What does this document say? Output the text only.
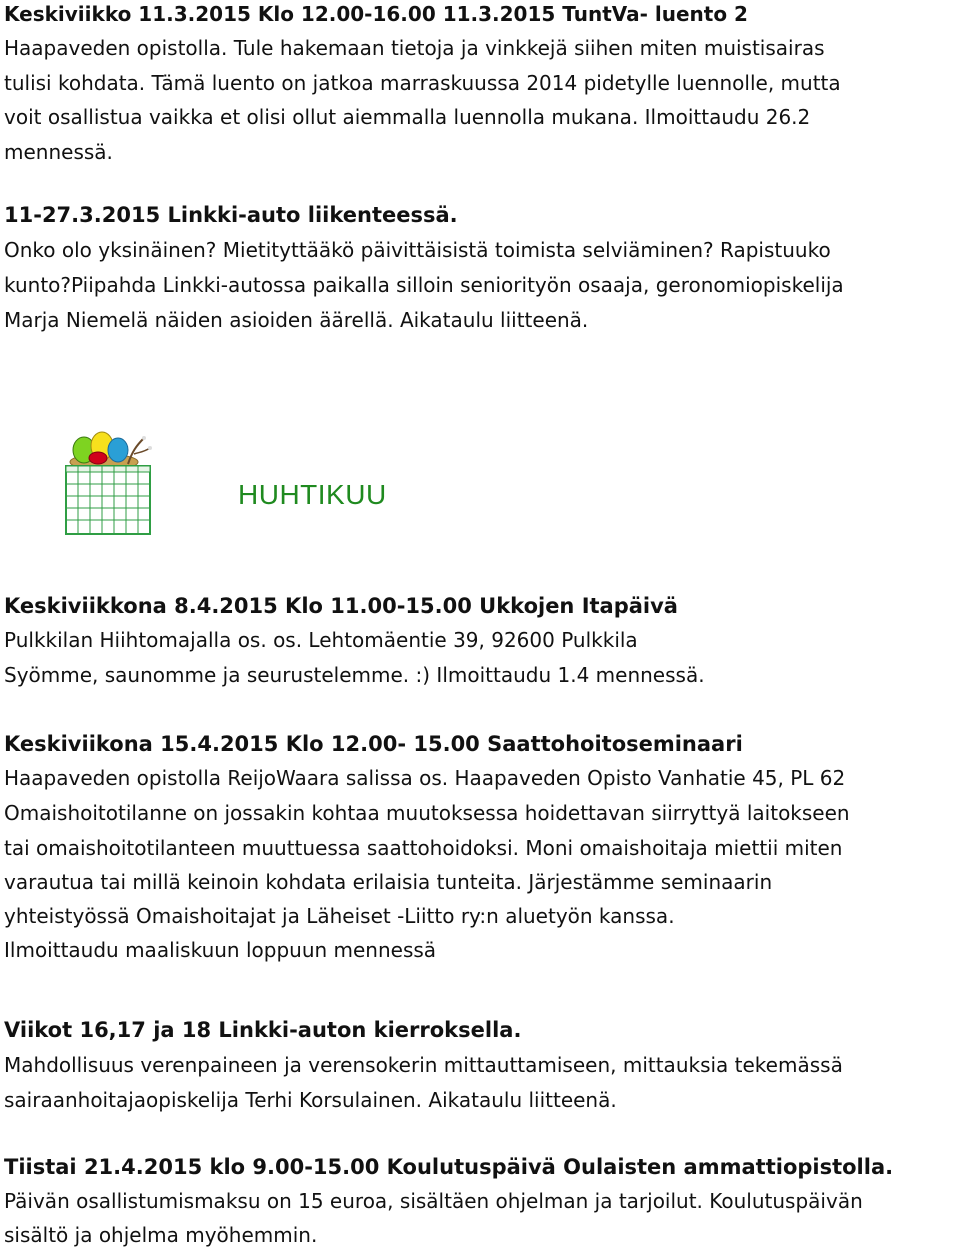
Keskiviikko 11.3.2015 Klo 12.00-16.00 11.3.2015 TuntVa- luento 2
Haapaveden opistolla. Tule hakemaan tietoja ja vinkkejä siihen miten muistisairas
tulisi kohdata. Tämä luento on jatkoa marraskuussa 2014 pidetylle luennolle, mutta
voit osallistua vaikka et olisi ollut aiemmalla luennolla mukana. Ilmoittaudu 26.2
mennessä.
11-27.3.2015 Linkki-auto liikenteessä.
Onko olo yksinäinen? Mietityttääkö päivittäisistä toimista selviäminen? Rapistuuko
kunto?Piipahda Linkki-autossa paikalla silloin seniorityön osaaja, geronomiopiskelija
Marja Niemelä näiden asioiden äärellä. Aikataulu liitteenä.
HUHTIKUU
Keskiviikkona 8.4.2015 Klo 11.00-15.00 Ukkojen Itapäivä
Pulkkilan Hiihtomajalla os. os. Lehtomäentie 39, 92600 Pulkkila
Syömme, saunomme ja seurustelemme. :) Ilmoittaudu 1.4 mennessä.
Keskiviikona 15.4.2015 Klo 12.00- 15.00 Saattohoitoseminaari
Haapaveden opistolla ReijoWaara salissa os. Haapaveden Opisto Vanhatie 45, PL 62
Omaishoitotilanne on jossakin kohtaa muutoksessa hoidettavan siirryttyä laitokseen
tai omaishoitotilanteen muuttuessa saattohoidoksi. Moni omaishoitaja miettii miten
varautua tai millä keinoin kohdata erilaisia tunteita. Järjestämme seminaarin
yhteistyössä Omaishoitajat ja Läheiset -Liitto ry:n aluetyön kanssa.
Ilmoittaudu maaliskuun loppuun mennessä
Viikot 16,17 ja 18 Linkki-auton kierroksella.
Mahdollisuus verenpaineen ja verensokerin mittauttamiseen, mittauksia tekemässä
sairaanhoitajaopiskelija Terhi Korsulainen. Aikataulu liitteenä.
Tiistai 21.4.2015 klo 9.00-15.00 Koulutuspäivä Oulaisten ammattiopistolla.
Päivän osallistumismaksu on 15 euroa, sisältäen ohjelman ja tarjoilut. Koulutuspäivän
sisältö ja ohjelma myöhemmin.
